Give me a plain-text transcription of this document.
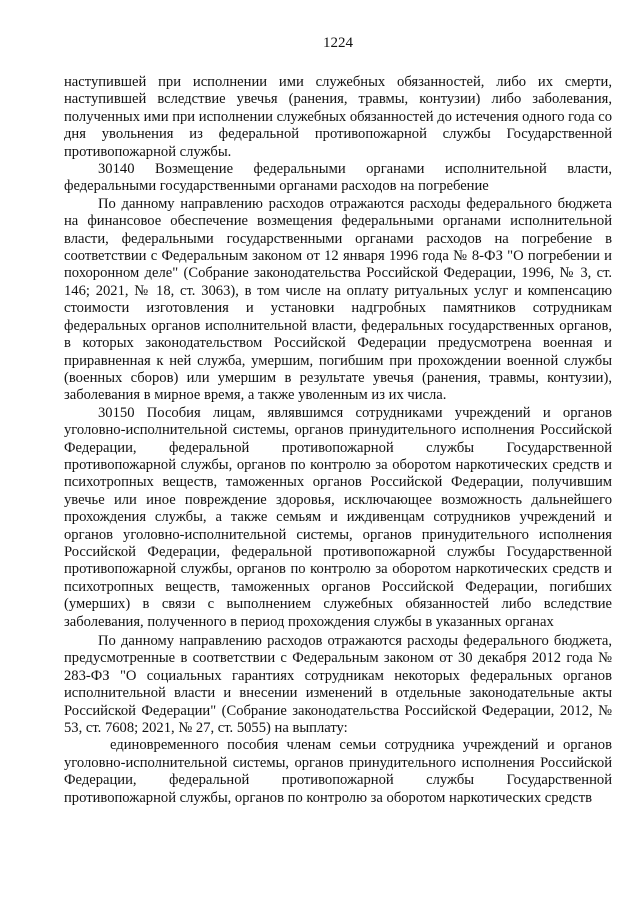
1224

наступившей при исполнении ими служебных обязанностей, либо их смерти, наступившей вследствие увечья (ранения, травмы, контузии) либо заболевания, полученных ими при исполнении служебных обязанностей до истечения одного года со дня увольнения из федеральной противопожарной службы Государственной противопожарной службы.

30140 Возмещение федеральными органами исполнительной власти, федеральными государственными органами расходов на погребение

По данному направлению расходов отражаются расходы федерального бюджета на финансовое обеспечение возмещения федеральными органами исполнительной власти, федеральными государственными органами расходов на погребение в соответствии с Федеральным законом от 12 января 1996 года № 8-ФЗ "О погребении и похоронном деле" (Собрание законодательства Российской Федерации, 1996, № 3, ст. 146; 2021, № 18, ст. 3063), в том числе на оплату ритуальных услуг и компенсацию стоимости изготовления и установки надгробных памятников сотрудникам федеральных органов исполнительной власти, федеральных государственных органов, в которых законодательством Российской Федерации предусмотрена военная и приравненная к ней служба, умершим, погибшим при прохождении военной службы (военных сборов) или умершим в результате увечья (ранения, травмы, контузии), заболевания в мирное время, а также уволенным из их числа.

30150 Пособия лицам, являвшимся сотрудниками учреждений и органов уголовно-исполнительной системы, органов принудительного исполнения Российской Федерации, федеральной противопожарной службы Государственной противопожарной службы, органов по контролю за оборотом наркотических средств и психотропных веществ, таможенных органов Российской Федерации, получившим увечье или иное повреждение здоровья, исключающее возможность дальнейшего прохождения службы, а также семьям и иждивенцам сотрудников учреждений и органов уголовно-исполнительной системы, органов принудительного исполнения Российской Федерации, федеральной противопожарной службы Государственной противопожарной службы, органов по контролю за оборотом наркотических средств и психотропных веществ, таможенных органов Российской Федерации, погибших (умерших) в связи с выполнением служебных обязанностей либо вследствие заболевания, полученного в период прохождения службы в указанных органах

По данному направлению расходов отражаются расходы федерального бюджета, предусмотренные в соответствии с Федеральным законом от 30 декабря 2012 года № 283-ФЗ "О социальных гарантиях сотрудникам некоторых федеральных органов исполнительной власти и внесении изменений в отдельные законодательные акты Российской Федерации" (Собрание законодательства Российской Федерации, 2012, № 53, ст. 7608; 2021, № 27, ст. 5055) на выплату:

единовременного пособия членам семьи сотрудника учреждений и органов уголовно-исполнительной системы, органов принудительного исполнения Российской Федерации, федеральной противопожарной службы Государственной противопожарной службы, органов по контролю за оборотом наркотических средств
